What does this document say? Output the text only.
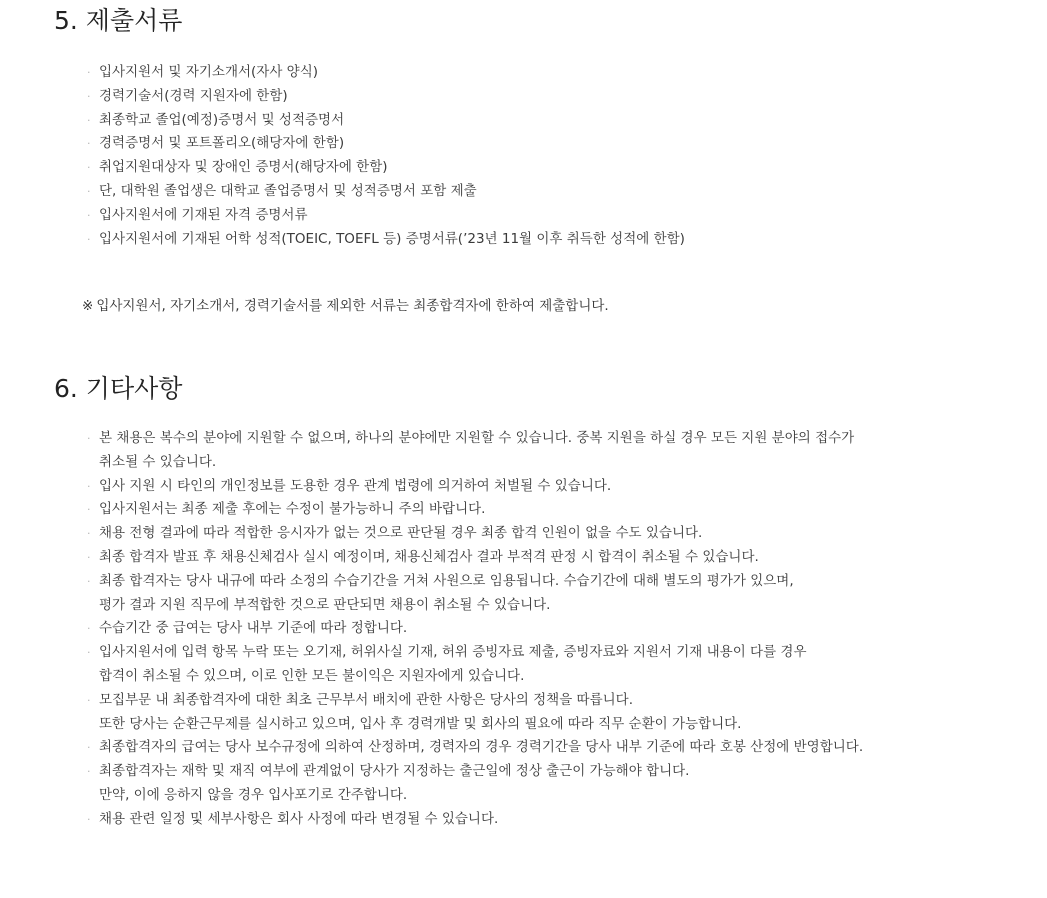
5. 제출서류
· 입사지원서 및 자기소개서(자사 양식)
· 경력기술서(경력 지원자에 한함)
· 최종학교 졸업(예정)증명서 및 성적증명서
· 경력증명서 및 포트폴리오(해당자에 한함)
· 취업지원대상자 및 장애인 증명서(해당자에 한함)
· 단, 대학원 졸업생은 대학교 졸업증명서 및 성적증명서 포함 제출
· 입사지원서에 기재된 자격 증명서류
· 입사지원서에 기재된 어학 성적(TOEIC, TOEFL 등) 증명서류(’23년 11월 이후 취득한 성적에 한함)
※ 입사지원서, 자기소개서, 경력기술서를 제외한 서류는 최종합격자에 한하여 제출합니다.
6. 기타사항
· 본 채용은 복수의 분야에 지원할 수 없으며, 하나의 분야에만 지원할 수 있습니다. 중복 지원을 하실 경우 모든 지원 분야의 접수가
취소될 수 있습니다.
· 입사 지원 시 타인의 개인정보를 도용한 경우 관계 법령에 의거하여 처벌될 수 있습니다.
· 입사지원서는 최종 제출 후에는 수정이 불가능하니 주의 바랍니다.
· 채용 전형 결과에 따라 적합한 응시자가 없는 것으로 판단될 경우 최종 합격 인원이 없을 수도 있습니다.
· 최종 합격자 발표 후 채용신체검사 실시 예정이며, 채용신체검사 결과 부적격 판정 시 합격이 취소될 수 있습니다.
· 최종 합격자는 당사 내규에 따라 소정의 수습기간을 거쳐 사원으로 임용됩니다. 수습기간에 대해 별도의 평가가 있으며,
평가 결과 지원 직무에 부적합한 것으로 판단되면 채용이 취소될 수 있습니다.
· 수습기간 중 급여는 당사 내부 기준에 따라 정합니다.
· 입사지원서에 입력 항목 누락 또는 오기재, 허위사실 기재, 허위 증빙자료 제출, 증빙자료와 지원서 기재 내용이 다를 경우
합격이 취소될 수 있으며, 이로 인한 모든 불이익은 지원자에게 있습니다.
· 모집부문 내 최종합격자에 대한 최초 근무부서 배치에 관한 사항은 당사의 정책을 따릅니다.
또한 당사는 순환근무제를 실시하고 있으며, 입사 후 경력개발 및 회사의 필요에 따라 직무 순환이 가능합니다.
· 최종합격자의 급여는 당사 보수규정에 의하여 산정하며, 경력자의 경우 경력기간을 당사 내부 기준에 따라 호봉 산정에 반영합니다.
· 최종합격자는 재학 및 재직 여부에 관계없이 당사가 지정하는 출근일에 정상 출근이 가능해야 합니다.
만약, 이에 응하지 않을 경우 입사포기로 간주합니다.
· 채용 관련 일정 및 세부사항은 회사 사정에 따라 변경될 수 있습니다.
